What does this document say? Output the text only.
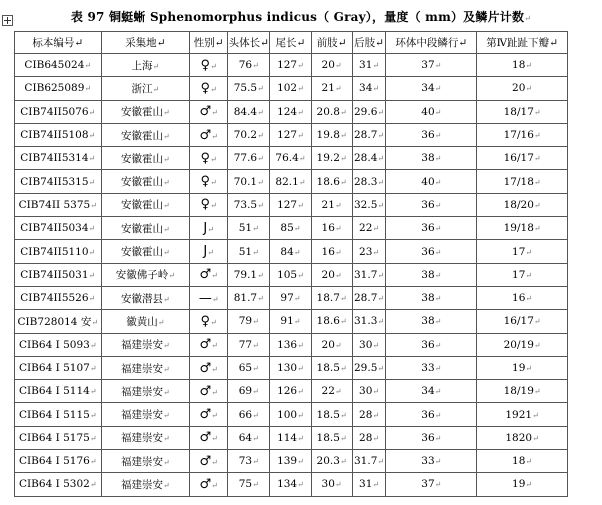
表 97 铜蜓蜥 Sphenomorphus indicus（ Gray），量度（ mm）及鳞片计数↵
标本编号↵	采集地↵	性别↵	头体长↵	尾长↵	前肢↵	后肢↵	环体中段鳞行↵	第Ⅳ趾趾下瓣↵
CIB645024↵	上海↵	♀↵	76↵	127↵	20↵	31↵	37↵	18↵
CIB625089↵	浙江↵	♀↵	75.5↵	102↵	21↵	34↵	34↵	20↵
CIB74II5076↵	安徽霍山↵	♂↵	84.4↵	124↵	20.8↵	29.6↵	40↵	18/17↵
CIB74II5108↵	安徽霍山↵	♂↵	70.2↵	127↵	19.8↵	28.7↵	36↵	17/16↵
CIB74II5314↵	安徽霍山↵	♀↵	77.6↵	76.4↵	19.2↵	28.4↵	38↵	16/17↵
CIB74II5315↵	安徽霍山↵	♀↵	70.1↵	82.1↵	18.6↵	28.3↵	40↵	17/18↵
CIB74II 5375↵	安徽霍山↵	♀↵	73.5↵	127↵	21↵	32.5↵	36↵	18/20↵
CIB74II5034↵	安徽霍山↵	J↵	51↵	85↵	16↵	22↵	36↵	19/18↵
CIB74II5110↵	安徽霍山↵	J↵	51↵	84↵	16↵	23↵	36↵	17↵
CIB74II5031↵	安徽佛子岭↵	♂↵	79.1↵	105↵	20↵	31.7↵	38↵	17↵
CIB74II5526↵	安徽潜县↵	—↵	81.7↵	97↵	18.7↵	28.7↵	38↵	16↵
CIB728014 安↵	徽黄山↵	♀↵	79↵	91↵	18.6↵	31.3↵	38↵	16/17↵
CIB64 I 5093↵	福建崇安↵	♂↵	77↵	136↵	20↵	30↵	36↵	20/19↵
CIB64 I 5107↵	福建崇安↵	♂↵	65↵	130↵	18.5↵	29.5↵	33↵	19↵
CIB64 I 5114↵	福建崇安↵	♂↵	69↵	126↵	22↵	30↵	34↵	18/19↵
CIB64 I 5115↵	福建崇安↵	♂↵	66↵	100↵	18.5↵	28↵	36↵	1921↵
CIB64 I 5175↵	福建崇安↵	♂↵	64↵	114↵	18.5↵	28↵	36↵	1820↵
CIB64 I 5176↵	福建崇安↵	♂↵	73↵	139↵	20.3↵	31.7↵	33↵	18↵
CIB64 I 5302↵	福建崇安↵	♂↵	75↵	134↵	30↵	31↵	37↵	19↵
